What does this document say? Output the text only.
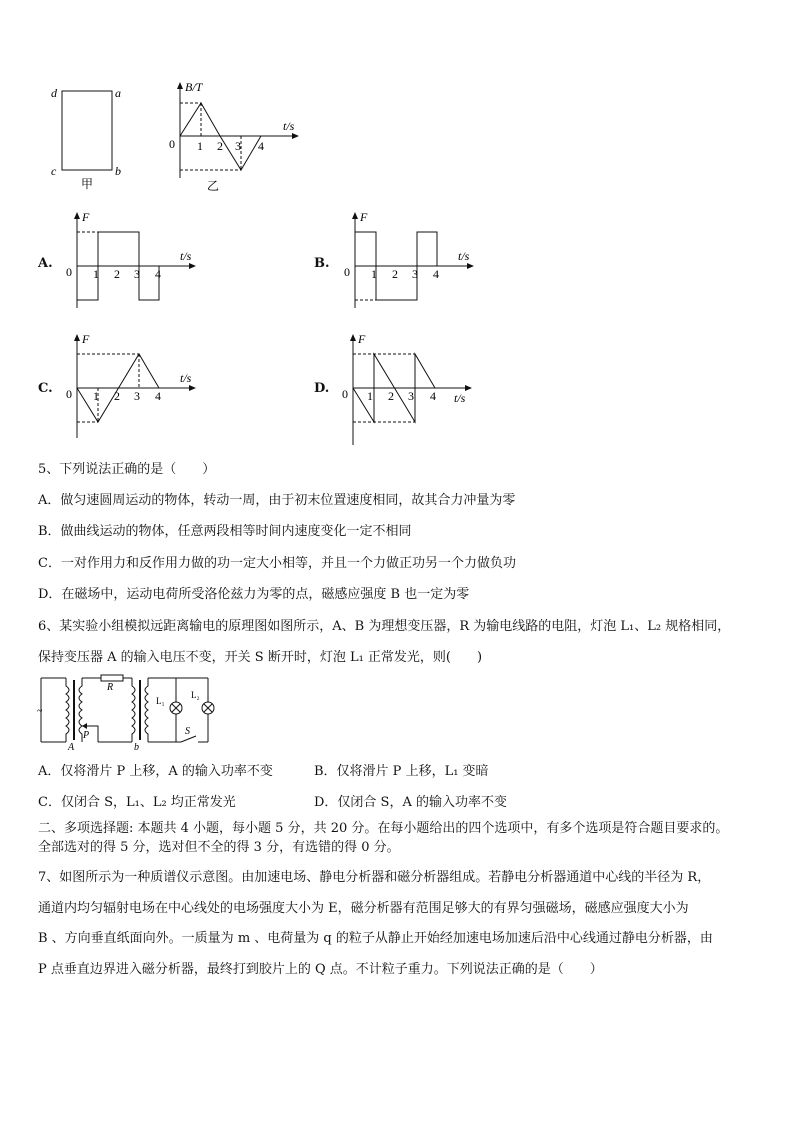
d	a
c	b
甲
B/T
t/s
0 1 2 3 4
乙
A.
F
t/s
0 1 2 3 4
B.
F
t/s
0 1 2 3 4
C.
F
t/s
0 1 2 3 4	D.
F
t/s
0 1 2 3 4
5、下列说法正确的是（　　）
A．做匀速圆周运动的物体，转动一周，由于初末位置速度相同，故其合力冲量为零
B．做曲线运动的物体，任意两段相等时间内速度变化一定不相同
C．一对作用力和反作用力做的功一定大小相等，并且一个力做正功另一个力做负功
D．在磁场中，运动电荷所受洛伦兹力为零的点，磁感应强度 B 也一定为零
6、某实验小组模拟远距离输电的原理图如图所示，A、B 为理想变压器，R 为输电线路的电阻，灯泡 L₁、L₂ 规格相同，
保持变压器 A 的输入电压不变，开关 S 断开时，灯泡 L₁ 正常发光，则(　　)
~
P
R
L₁
L₂
S
A	b
A．仅将滑片 P 上移，A 的输入功率不变	B．仅将滑片 P 上移，L₁ 变暗
C．仅闭合 S，L₁、L₂ 均正常发光	D．仅闭合 S，A 的输入功率不变
二、多项选择题: 本题共 4 小题，每小题 5 分，共 20 分。在每小题给出的四个选项中，有多个选项是符合题目要求的。
全部选对的得 5 分，选对但不全的得 3 分，有选错的得 0 分。
7、如图所示为一种质谱仪示意图。由加速电场、静电分析器和磁分析器组成。若静电分析器通道中心线的半径为 R，
通道内均匀辐射电场在中心线处的电场强度大小为 E，磁分析器有范围足够大的有界匀强磁场，磁感应强度大小为
B 、方向垂直纸面向外。一质量为 m 、电荷量为 q 的粒子从静止开始经加速电场加速后沿中心线通过静电分析器，由
P 点垂直边界进入磁分析器，最终打到胶片上的 Q 点。不计粒子重力。下列说法正确的是（　　）
